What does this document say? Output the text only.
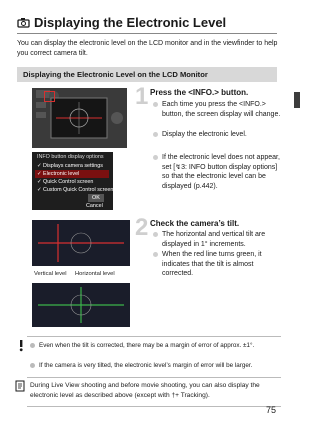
Displaying the Electronic Level
You can display the electronic level on the LCD monitor and in the viewfinder to help you correct camera tilt.
Displaying the Electronic Level on the LCD Monitor
1 Press the <INFO.> button.
Each time you press the <INFO.> button, the screen display will change.
Display the electronic level.
INFO button display options
✓ Displays camera settings
✓ Electronic level
✓ Quick Control screen
✓ Custom Quick Control screen
OK
Cancel
If the electronic level does not appear, set [↯3: INFO button display options] so that the electronic level can be displayed (p.442).
Vertical level Horizontal level
2 Check the camera’s tilt.
The horizontal and vertical tilt are displayed in 1° increments.
When the red line turns green, it indicates that the tilt is almost corrected.
Even when the tilt is corrected, there may be a margin of error of approx. ±1°.
If the camera is very tilted, the electronic level’s margin of error will be larger.
During Live View shooting and before movie shooting, you can also display the electronic level as described above (except with †+ Tracking).
75
